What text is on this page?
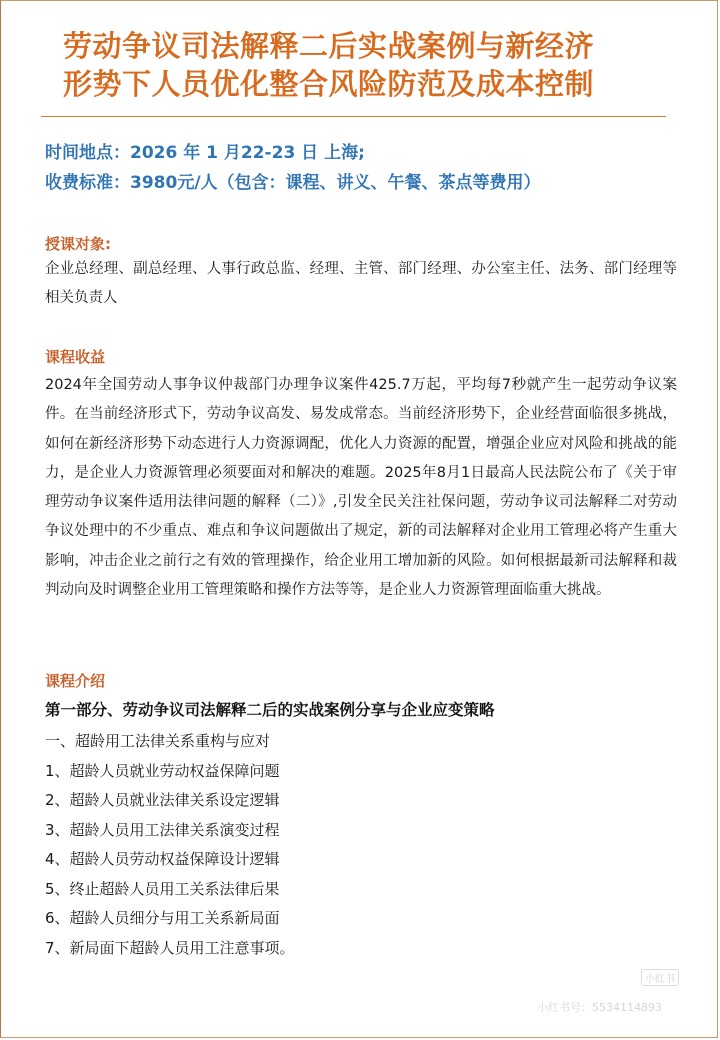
劳动争议司法解释二后实战案例与新经济
形势下人员优化整合风险防范及成本控制
时间地点：2026 年 1 月22-23 日 上海;
收费标准：3980元/人（包含：课程、讲义、午餐、茶点等费用）
授课对象:
企业总经理、副总经理、人事行政总监、经理、主管、部门经理、办公室主任、法务、部门经理等相关负责人
课程收益
2024年全国劳动人事争议仲裁部门办理争议案件425.7万起，平均每7秒就产生一起劳动争议案件。在当前经济形式下，劳动争议高发、易发成常态。当前经济形势下，企业经营面临很多挑战，如何在新经济形势下动态进行人力资源调配，优化人力资源的配置，增强企业应对风险和挑战的能力，是企业人力资源管理必须要面对和解决的难题。2025年8月1日最高人民法院公布了《关于审理劳动争议案件适用法律问题的解释（二）》,引发全民关注社保问题，劳动争议司法解释二对劳动争议处理中的不少重点、难点和争议问题做出了规定，新的司法解释对企业用工管理必将产生重大影响，冲击企业之前行之有效的管理操作，给企业用工增加新的风险。如何根据最新司法解释和裁判动向及时调整企业用工管理策略和操作方法等等，是企业人力资源管理面临重大挑战。
课程介绍
第一部分、劳动争议司法解释二后的实战案例分享与企业应变策略
一、超龄用工法律关系重构与应对
1、超龄人员就业劳动权益保障问题
2、超龄人员就业法律关系设定逻辑
3、超龄人员用工法律关系演变过程
4、超龄人员劳动权益保障设计逻辑
5、终止超龄人员用工关系法律后果
6、超龄人员细分与用工关系新局面
7、新局面下超龄人员用工注意事项。
小红书
小红书号：5534114893
